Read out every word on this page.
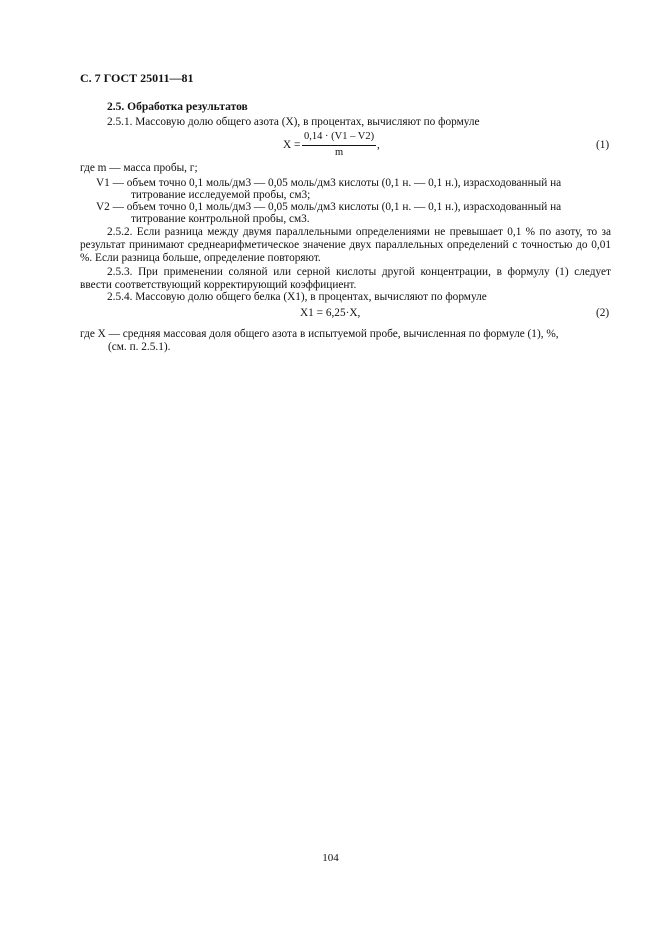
С. 7 ГОСТ 25011—81
2.5. Обработка результатов
2.5.1. Массовую долю общего азота (X), в процентах, вычисляют по формуле
X =
0,14 · (V1 – V2)
m
,	(1)
где m — масса пробы, г;
V1 — объем точно 0,1 моль/дм3 — 0,05 моль/дм3 кислоты (0,1 н. — 0,1 н.), израсходованный на
титрование исследуемой пробы, см3;
V2 — объем точно 0,1 моль/дм3 — 0,05 моль/дм3 кислоты (0,1 н. — 0,1 н.), израсходованный на
титрование контрольной пробы, см3.
2.5.2. Если разница между двумя параллельными определениями не превышает 0,1 % по азоту, то за результат принимают среднеарифметическое значение двух параллельных определений с точностью до 0,01 %. Если разница больше, определение повторяют.
2.5.3. При применении соляной или серной кислоты другой концентрации, в формулу (1) следует ввести соответствующий корректирующий коэффициент.
2.5.4. Массовую долю общего белка (X1), в процентах, вычисляют по формуле
X1 = 6,25·X,	(2)
где X — средняя массовая доля общего азота в испытуемой пробе, вычисленная по формуле (1), %,
(см. п. 2.5.1).
104
